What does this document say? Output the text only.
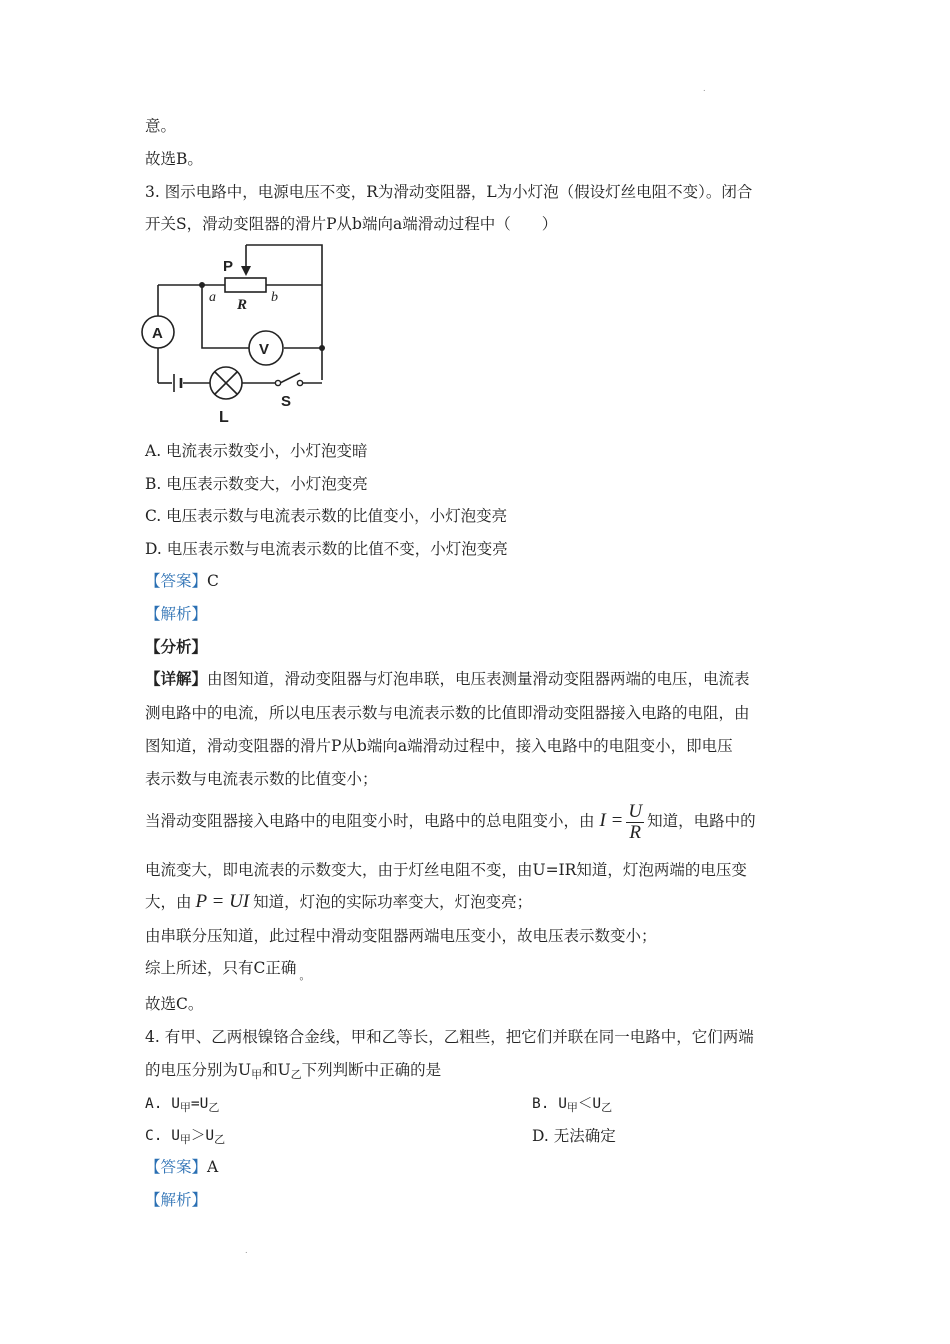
.
意。
故选B。
3. 图示电路中，电源电压不变，R为滑动变阻器，L为小灯泡（假设灯丝电阻不变）。闭合
开关S，滑动变阻器的滑片P从b端向a端滑动过程中（　　）
P
a R b
A
V
L
S
A. 电流表示数变小，小灯泡变暗
B. 电压表示数变大，小灯泡变亮
C. 电压表示数与电流表示数的比值变小，小灯泡变亮
D. 电压表示数与电流表示数的比值不变，小灯泡变亮
【答案】C
【解析】
【分析】
【详解】由图知道，滑动变阻器与灯泡串联，电压表测量滑动变阻器两端的电压，电流表
测电路中的电流，所以电压表示数与电流表示数的比值即滑动变阻器接入电路的电阻，由
图知道，滑动变阻器的滑片P从b端向a端滑动过程中，接入电路中的电阻变小，即电压
表示数与电流表示数的比值变小；
当滑动变阻器接入电路中的电阻变小时，电路中的总电阻变小，由 $I = \frac{U}{R}$ 知道，电路中的
电流变大，即电流表的示数变大，由于灯丝电阻不变，由U=IR知道，灯泡两端的电压变
大，由 P = UI 知道，灯泡的实际功率变大，灯泡变亮；
由串联分压知道，此过程中滑动变阻器两端电压变小，故电压表示数变小；
综上所述，只有C正确 $_。$
故选C。
4. 有甲、乙两根镍铬合金线，甲和乙等长，乙粗些，把它们并联在同一电路中，它们两端
的电压分别为$U_甲$和$U_乙$下列判断中正确的是
A. $U_甲=U_乙$	B. $U_甲<U_乙$
C. $U_甲>U_乙$	D. 无法确定
【答案】A
【解析】
.
